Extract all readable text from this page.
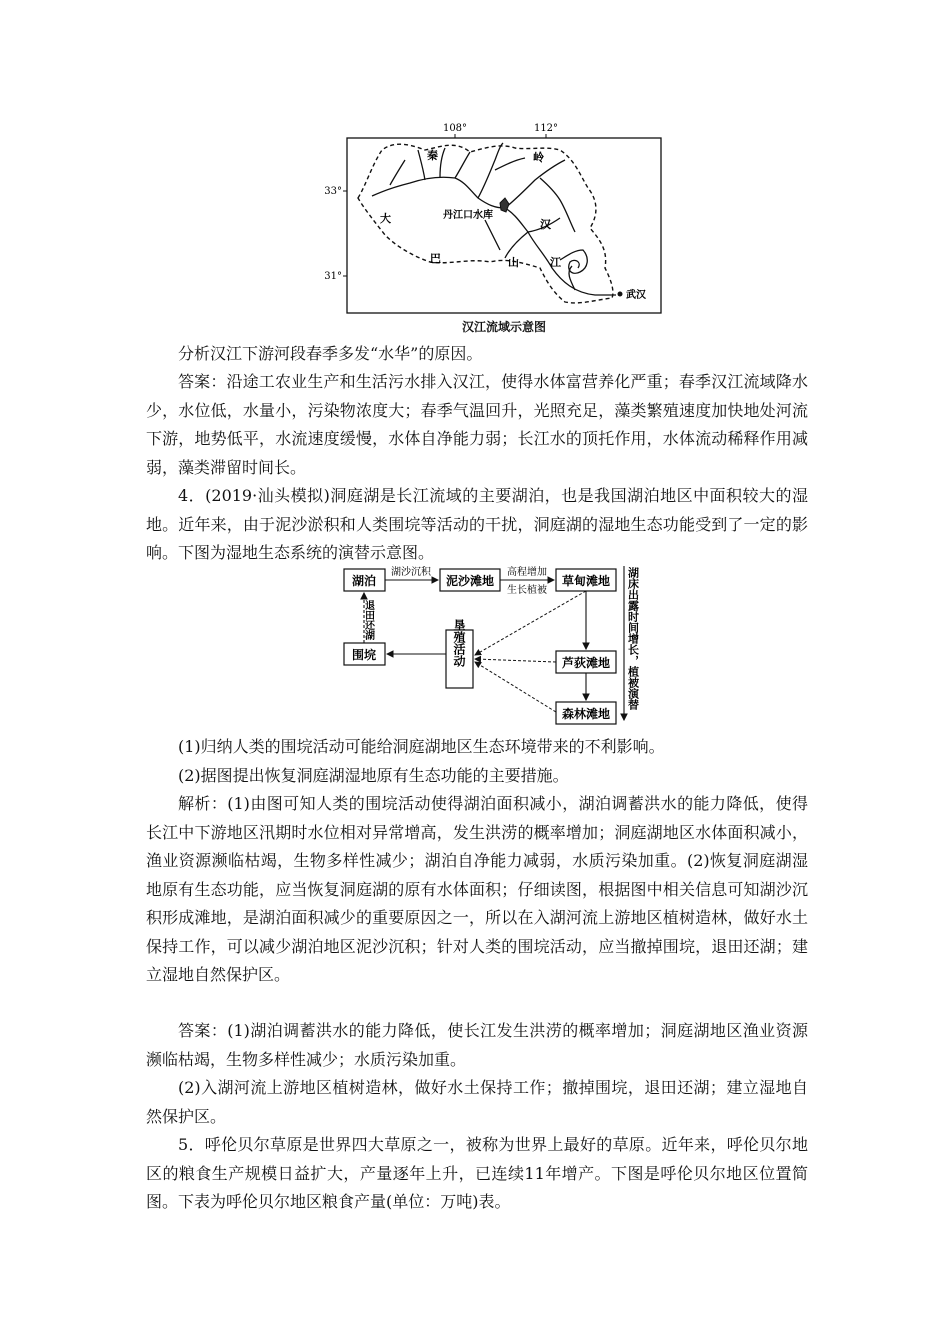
108°	112°
33°
31°
秦	岭
大	丹江口水库
汉
巴	山	江
武汉
汉江流域示意图

分析汉江下游河段春季多发“水华”的原因。

答案：沿途工农业生产和生活污水排入汉江，使得水体富营养化严重；春季汉江流域降水少，水位低，水量小，污染物浓度大；春季气温回升，光照充足，藻类繁殖速度加快地处河流下游，地势低平，水流速度缓慢，水体自净能力弱；长江水的顶托作用，水体流动稀释作用减弱，藻类滞留时间长。

4．(2019·汕头模拟)洞庭湖是长江流域的主要湖泊，也是我国湖泊地区中面积较大的湿地。近年来，由于泥沙淤积和人类围垸等活动的干扰，洞庭湖的湿地生态功能受到了一定的影响。下图为湿地生态系统的演替示意图。

湖泊	泥沙滩地	草甸滩地
芦荻滩地
森林滩地
围垸	垦殖活动
湖沙沉积	高程增加
生长植被
退田还湖	湖床出露时间增长，植被演替

(1)归纳人类的围垸活动可能给洞庭湖地区生态环境带来的不利影响。

(2)据图提出恢复洞庭湖湿地原有生态功能的主要措施。

解析：(1)由图可知人类的围垸活动使得湖泊面积减小，湖泊调蓄洪水的能力降低，使得长江中下游地区汛期时水位相对异常增高，发生洪涝的概率增加；洞庭湖地区水体面积减小，渔业资源濒临枯竭，生物多样性减少；湖泊自净能力减弱，水质污染加重。(2)恢复洞庭湖湿地原有生态功能，应当恢复洞庭湖的原有水体面积；仔细读图，根据图中相关信息可知湖沙沉积形成滩地，是湖泊面积减少的重要原因之一，所以在入湖河流上游地区植树造林，做好水土保持工作，可以减少湖泊地区泥沙沉积；针对人类的围垸活动，应当撤掉围垸，退田还湖；建立湿地自然保护区。

答案：(1)湖泊调蓄洪水的能力降低，使长江发生洪涝的概率增加；洞庭湖地区渔业资源濒临枯竭，生物多样性减少；水质污染加重。

(2)入湖河流上游地区植树造林，做好水土保持工作；撤掉围垸，退田还湖；建立湿地自然保护区。

5．呼伦贝尔草原是世界四大草原之一，被称为世界上最好的草原。近年来，呼伦贝尔地区的粮食生产规模日益扩大，产量逐年上升，已连续11年增产。下图是呼伦贝尔地区位置简图。下表为呼伦贝尔地区粮食产量(单位：万吨)表。
